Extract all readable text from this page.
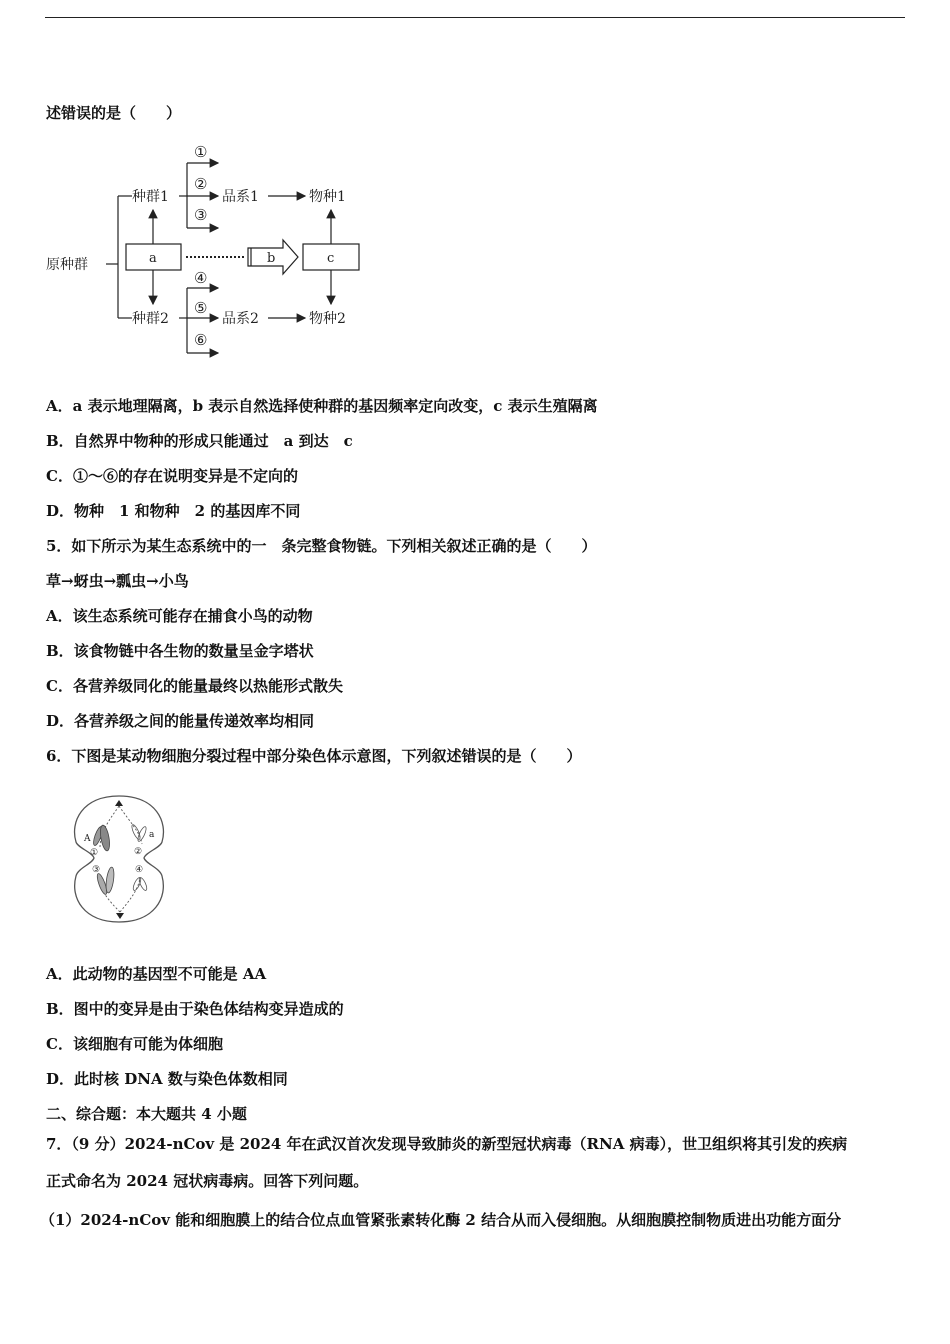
述错误的是（　　）
原种群
种群1
种群2
a	b	c
品系1
品系2
物种1
物种2
①
②
③
④
⑤
⑥
A．a 表示地理隔离，b 表示自然选择使种群的基因频率定向改变，c 表示生殖隔离
B．自然界中物种的形成只能通过　a 到达　c
C．①～⑥的存在说明变异是不定向的
D．物种　1 和物种　2 的基因库不同
5．如下所示为某生态系统中的一　条完整食物链。下列相关叙述正确的是（　　）
草→蚜虫→瓢虫→小鸟
A．该生态系统可能存在捕食小鸟的动物
B．该食物链中各生物的数量呈金字塔状
C．各营养级同化的能量最终以热能形式散失
D．各营养级之间的能量传递效率均相同
6．下图是某动物细胞分裂过程中部分染色体示意图，下列叙述错误的是（　　）
A	a
①	②
③	④
A．此动物的基因型不可能是 AA
B．图中的变异是由于染色体结构变异造成的
C．该细胞有可能为体细胞
D．此时核 DNA 数与染色体数相同
二、综合题：本大题共 4 小题
7．（9 分）2024-nCov 是 2024 年在武汉首次发现导致肺炎的新型冠状病毒（RNA 病毒），世卫组织将其引发的疾病
正式命名为 2024 冠状病毒病。回答下列问题。
（1）2024-nCov 能和细胞膜上的结合位点血管紧张素转化酶 2 结合从而入侵细胞。从细胞膜控制物质进出功能方面分
